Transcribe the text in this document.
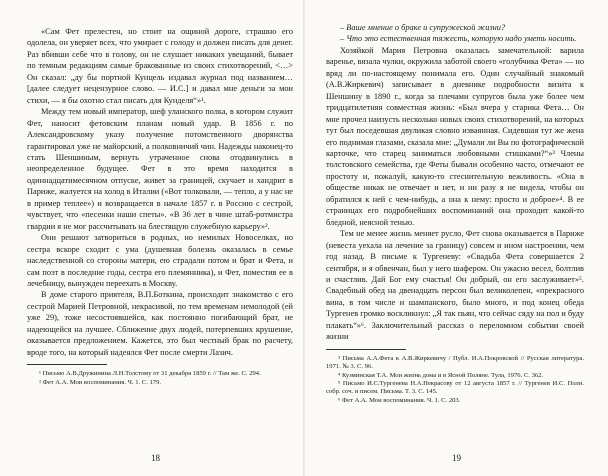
«Сам Фет прелестен, но стоит на ощиной дороге, страшно его одолела, он уверяет всех, что умирает с голоду и должен писать для денег. Раз вбивши себе что в голову, он не слушает никаких увещаний, бывает по темным редакциям самые бракованные из своих стихотворений, <…> Он сказал: „ду бы портной Кунцель издавал журнал под названием… [далее следует нецензурное слово. — И.С.] и давал мне деньги за мои стихи, — я бы охотно стал писать для Кунделя“»¹.

Между тем новый император, шеф уланского полка, в котором служит Фет, наносит фетовским планам новый удар. В 1856 г. по Александровскому указу получение потомственного дворянства гарантировал уже не майорский, а полковничий чин. Надежды наконец-то стать Шеншиным, вернуть утраченное снова отодвинулись в неопределенное будущее. Фет в это время находится в одиннадцатимесячном отпуске, живет за границей, скучает и хандрит в Париже, жалуется на холод в Италии («Вот толковали, — тепло, а у нас не в пример теплее») и возвращается в начале 1857 г. в Россию с сестрой, чувствует, что «песенки наши спеты». «В 36 лет в чине штаб-ротмистра гвардии я не мог рассчитывать на блестящую служебную карьеру»².

Они решают затвориться в родных, но немилых Новоселках, но сестра вскоре сходит с ума (душевная болезнь оказалась в семье наследственной со стороны матери, ею страдали потом и брат и Фета, и сам поэт в последние годы, сестра его племянника), и Фет, поместив ее в лечебницу, вынужден переехать в Москву.

В доме старого приятеля, В.П.Боткина, происходит знакомство с его сестрой Марией Петровной, некрасивой, по тем временам немолодой (ей уже 29), тоже несостоявшейся, как постоянно погибающий брат, не надеющейся на лучшее. Сближение двух людей, потерпевших крушение, оказывается предложением. Кажется, это был честный брак по расчету, вроде того, на который надеялся Фет после смерти Лазич.

¹ Письмо А.В.Дружинина Л.Н.Толстому от 31 декабря 1859 г. // Там же. С. 294.

² Фет А.А. Мои воспоминания. Ч. 1. С. 179.

18

– Ваше мнение о браке и супружеской жизни?

– Что это естественная тяжесть, которую надо уметь носить.

Хозяйкой Мария Петровна оказалась замечательной: варила варенье, вязала чулки, окружила заботой своего «голубчика Фета» — но вряд ли по-настоящему понимала его. Один случайный знакомый (А.В.Жиркевич) записывает в дневнике подробности визита к Шеншину в 1890 г., когда за плечами супругов была уже более чем тридцатилетняя совместная жизнь: «Был вчера у старика Фета… Он мне прочел наизусть несколько новых своих стихотворений, на которых тут был поседевшая двуликая словно изваянная. Сидевшая тут же жена его поднимая глазами, сказала мне: „Думали ли Вы по фотографической карточке, что старец заниматься любовными стишками?“»³ Члены толстовского семейства, где Феты бывали особенно часто, отмечают ее простоту и, пожалуй, какую-то стеснительную вежливость. «Она в обществе никак не отвечает и нет, и ни разу я не видела, чтобы он обратился к ней с чем-нибудь, а она к нему: просто и доброе»⁴. В ее страницах его подробнейших воспоминаний она проходит какой-то бледной, неясной тенью.

Тем не менее жизнь меняет русло, Фет снова оказывается в Париже (невеста уехала на лечение за границу) совсем и ином настроении, чем год назад. В письме к Тургеневу: «Свадьба Фета совершается 2 сентября, и я обвенчан, был у него шафером. Он ужасно весел, болтлив и счастлив. Дай Бог ему счастья! Он добрый, он его заслуживает»⁵. Свадебный обед на двенадцать персон был великолепен, «прекрасного вина, в том числе и шампанского, было много, и под конец обеда Тургенев громко воскликнул: „Я так пьян, что сейчас сяду на пол и буду плакать“»⁶. Заключительный рассказ о переломном событии своей жизни

³ Письма А.А.Фета к А.В.Жиркевичу / Публ. И.А.Покровской // Русская литература. 1971. № 3. С. 96.

⁴ Кузминская Т.А. Мои жизнь дома и в Ясной Поляне. Тула, 1976. С. 362.

⁵ Письмо И.С.Тургенева Н.А.Некрасову от 12 августа 1857 г. // Тургенев И.С. Полн. собр. соч. и писем. Письма. Т. 3. С. 145.

⁶ Фет А.А. Мои воспоминания. Ч. 1. С. 203.

19
